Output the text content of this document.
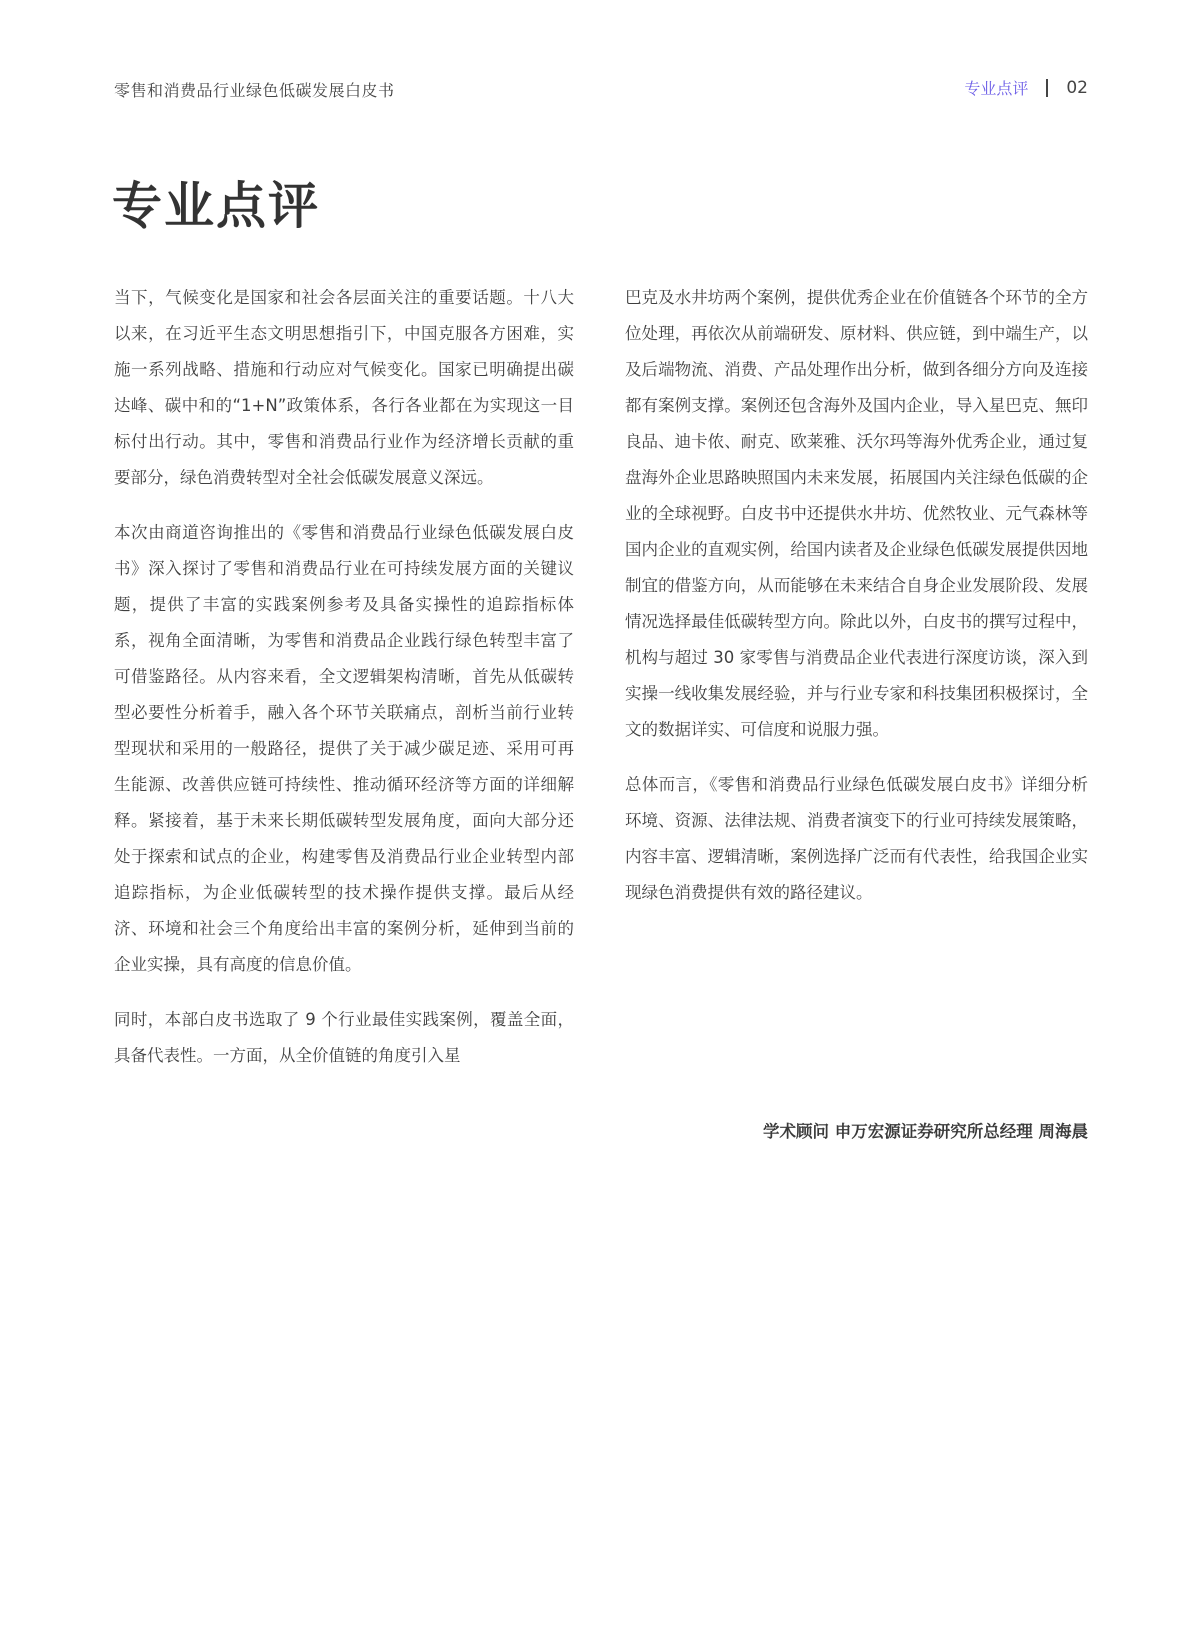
零售和消费品行业绿色低碳发展白皮书	专业点评 02
专业点评

当下，气候变化是国家和社会各层面关注的重要话题。十八大以来，在习近平生态文明思想指引下，中国克服各方困难，实施一系列战略、措施和行动应对气候变化。国家已明确提出碳达峰、碳中和的“1+N”政策体系，各行各业都在为实现这一目标付出行动。其中，零售和消费品行业作为经济增长贡献的重要部分，绿色消费转型对全社会低碳发展意义深远。

本次由商道咨询推出的《零售和消费品行业绿色低碳发展白皮书》深入探讨了零售和消费品行业在可持续发展方面的关键议题，提供了丰富的实践案例参考及具备实操性的追踪指标体系，视角全面清晰，为零售和消费品企业践行绿色转型丰富了可借鉴路径。从内容来看，全文逻辑架构清晰，首先从低碳转型必要性分析着手，融入各个环节关联痛点，剖析当前行业转型现状和采用的一般路径，提供了关于减少碳足迹、采用可再生能源、改善供应链可持续性、推动循环经济等方面的详细解释。紧接着，基于未来长期低碳转型发展角度，面向大部分还处于探索和试点的企业，构建零售及消费品行业企业转型内部追踪指标，为企业低碳转型的技术操作提供支撑。最后从经济、环境和社会三个角度给出丰富的案例分析，延伸到当前的企业实操，具有高度的信息价值。

同时，本部白皮书选取了 9 个行业最佳实践案例，覆盖全面，具备代表性。一方面，从全价值链的角度引入星

巴克及水井坊两个案例，提供优秀企业在价值链各个环节的全方位处理，再依次从前端研发、原材料、供应链，到中端生产，以及后端物流、消费、产品处理作出分析，做到各细分方向及连接都有案例支撑。案例还包含海外及国内企业，导入星巴克、無印良品、迪卡侬、耐克、欧莱雅、沃尔玛等海外优秀企业，通过复盘海外企业思路映照国内未来发展，拓展国内关注绿色低碳的企业的全球视野。白皮书中还提供水井坊、优然牧业、元气森林等国内企业的直观实例，给国内读者及企业绿色低碳发展提供因地制宜的借鉴方向，从而能够在未来结合自身企业发展阶段、发展情况选择最佳低碳转型方向。除此以外，白皮书的撰写过程中，机构与超过 30 家零售与消费品企业代表进行深度访谈，深入到实操一线收集发展经验，并与行业专家和科技集团积极探讨，全文的数据详实、可信度和说服力强。

总体而言，《零售和消费品行业绿色低碳发展白皮书》详细分析环境、资源、法律法规、消费者演变下的行业可持续发展策略，内容丰富、逻辑清晰，案例选择广泛而有代表性，给我国企业实现绿色消费提供有效的路径建议。

学术顾问 申万宏源证券研究所总经理 周海晨
